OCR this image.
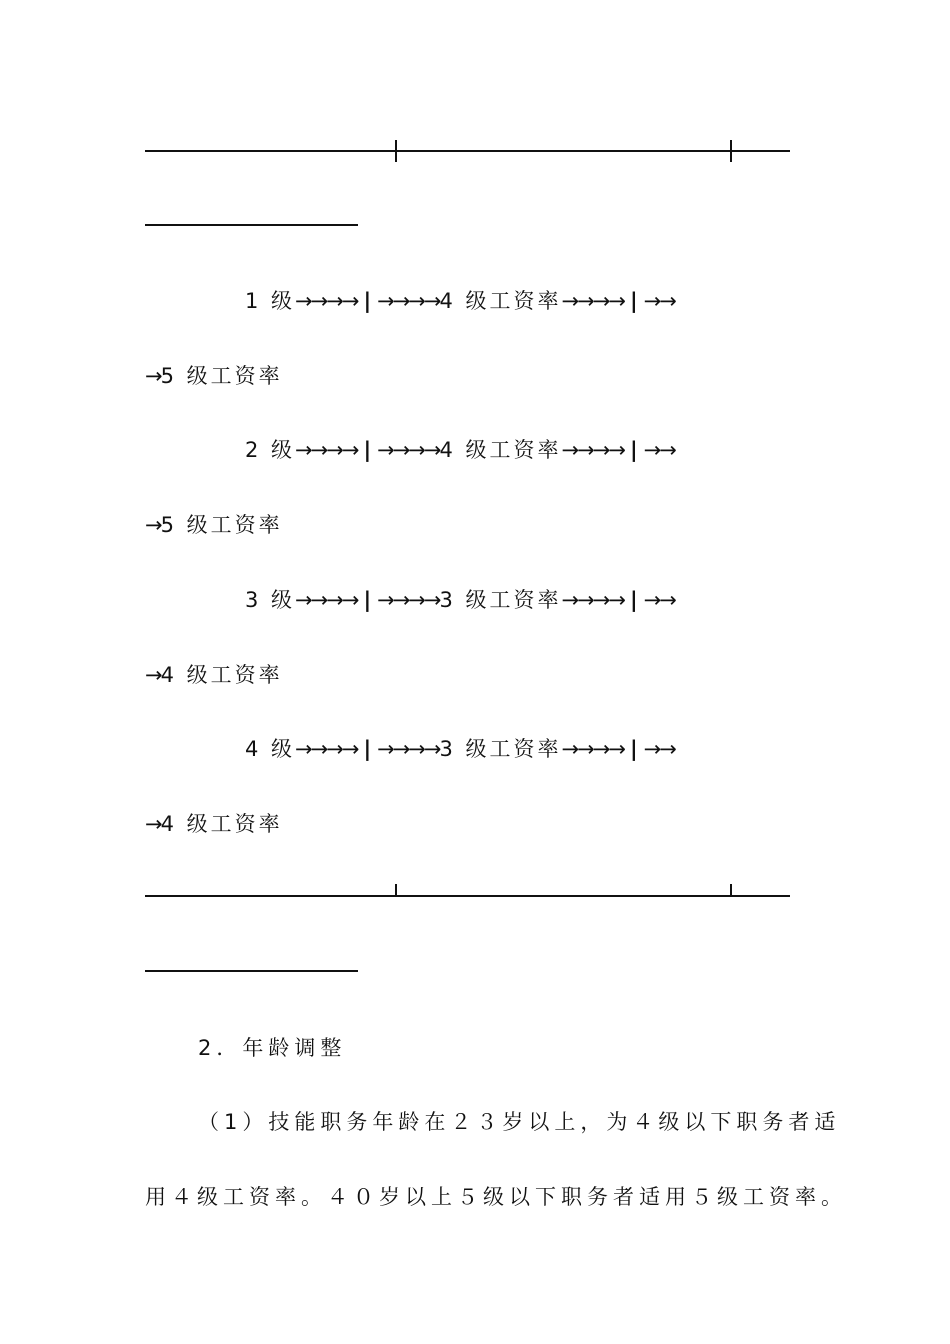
1 级→→→→ | →→→→4 级工资率→→→→ | →→
→5 级工资率
2 级→→→→ | →→→→4 级工资率→→→→ | →→
→5 级工资率
3 级→→→→ | →→→→3 级工资率→→→→ | →→
→4 级工资率
4 级→→→→ | →→→→3 级工资率→→→→ | →→
→4 级工资率
2．年龄调整
（1）技能职务年龄在２３岁以上，为４级以下职务者适
用４级工资率。４０岁以上５级以下职务者适用５级工资率。
